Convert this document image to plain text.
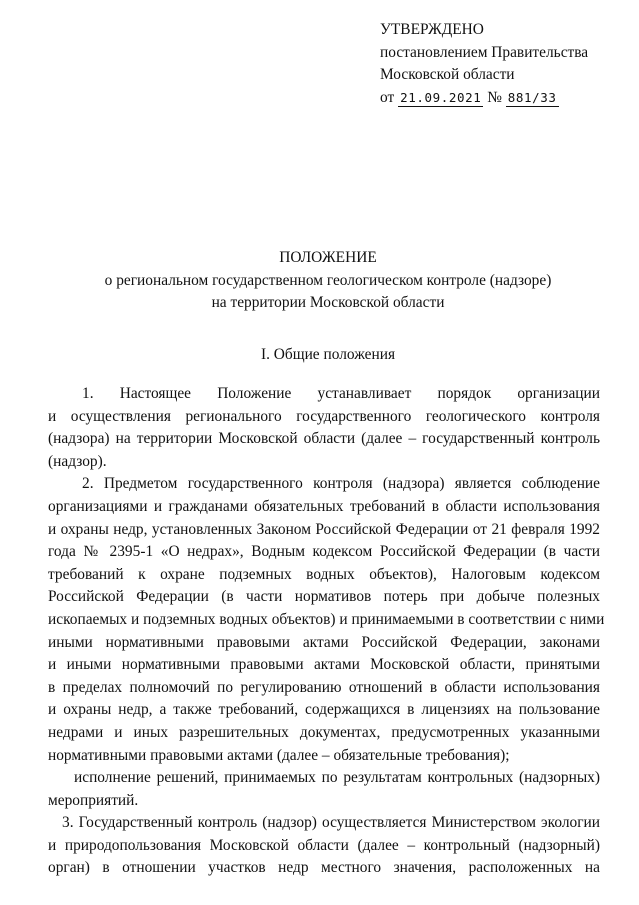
УТВЕРЖДЕНО
постановлением Правительства
Московской области
от 21.09.2021 № 881/33
ПОЛОЖЕНИЕ
о региональном государственном геологическом контроле (надзоре)
на территории Московской области
I. Общие положения
1. Настоящее Положение устанавливает порядок организации
и осуществления регионального государственного геологического контроля
(надзора) на территории Московской области (далее – государственный контроль
(надзор).
2. Предметом государственного контроля (надзора) является соблюдение
организациями и гражданами обязательных требований в области использования
и охраны недр, установленных Законом Российской Федерации от 21 февраля 1992
года № 2395-1 «О недрах», Водным кодексом Российской Федерации (в части
требований к охране подземных водных объектов), Налоговым кодексом
Российской Федерации (в части нормативов потерь при добыче полезных
ископаемых и подземных водных объектов) и принимаемыми в соответствии с ними
иными нормативными правовыми актами Российской Федерации, законами
и иными нормативными правовыми актами Московской области, принятыми
в пределах полномочий по регулированию отношений в области использования
и охраны недр, а также требований, содержащихся в лицензиях на пользование
недрами и иных разрешительных документах, предусмотренных указанными
нормативными правовыми актами (далее – обязательные требования);
исполнение решений, принимаемых по результатам контрольных (надзорных)
мероприятий.
3. Государственный контроль (надзор) осуществляется Министерством экологии
и природопользования Московской области (далее – контрольный (надзорный)
орган) в отношении участков недр местного значения, расположенных на
